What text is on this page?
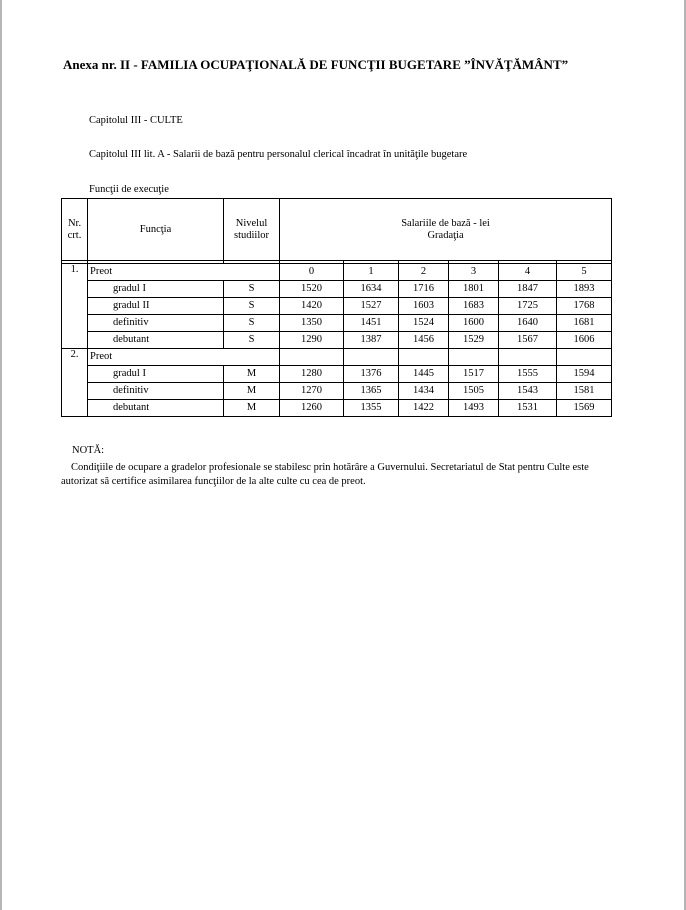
Anexa nr. II - FAMILIA OCUPAŢIONALĂ DE FUNCŢII BUGETARE ”ÎNVĂŢĂMÂNT”
Capitolul III - CULTE
Capitolul III lit. A - Salarii de bază pentru personalul clerical încadrat în unităţile bugetare
Funcţii de execuţie
Nr. crt.	Funcţia	Nivelul studiilor	Salariile de bază - lei
Gradaţia					

1.	Preot		0	1	2	3	4	5
	gradul I	S	1520	1634	1716	1801	1847	1893
	gradul II	S	1420	1527	1603	1683	1725	1768
	definitiv	S	1350	1451	1524	1600	1640	1681
	debutant	S	1290	1387	1456	1529	1567	1606
2.	Preot							
	gradul I	M	1280	1376	1445	1517	1555	1594
	definitiv	M	1270	1365	1434	1505	1543	1581
	debutant	M	1260	1355	1422	1493	1531	1569
NOTĂ:
Condiţiile de ocupare a gradelor profesionale se stabilesc prin hotărâre a Guvernului. Secretariatul de Stat pentru Culte este autorizat să certifice asimilarea funcţiilor de la alte culte cu cea de preot.
